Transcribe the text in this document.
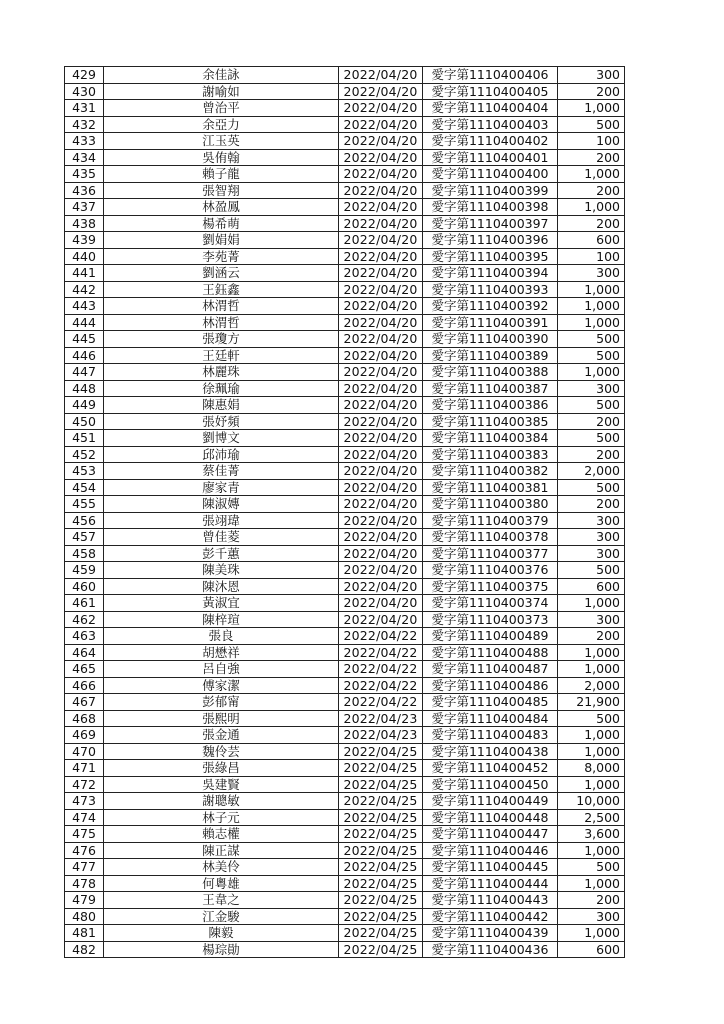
429	余佳詠	2022/04/20	愛字第1110400406	300
430	謝喻如	2022/04/20	愛字第1110400405	200
431	曾治平	2022/04/20	愛字第1110400404	1,000
432	余亞力	2022/04/20	愛字第1110400403	500
433	江玉英	2022/04/20	愛字第1110400402	100
434	吳侑翰	2022/04/20	愛字第1110400401	200
435	賴子龍	2022/04/20	愛字第1110400400	1,000
436	張智翔	2022/04/20	愛字第1110400399	200
437	林盈鳳	2022/04/20	愛字第1110400398	1,000
438	楊希萌	2022/04/20	愛字第1110400397	200
439	劉娟娟	2022/04/20	愛字第1110400396	600
440	李苑菁	2022/04/20	愛字第1110400395	100
441	劉涵云	2022/04/20	愛字第1110400394	300
442	王鈺鑫	2022/04/20	愛字第1110400393	1,000
443	林渭哲	2022/04/20	愛字第1110400392	1,000
444	林渭哲	2022/04/20	愛字第1110400391	1,000
445	張瓊方	2022/04/20	愛字第1110400390	500
446	王廷軒	2022/04/20	愛字第1110400389	500
447	林麗珠	2022/04/20	愛字第1110400388	1,000
448	徐珮瑜	2022/04/20	愛字第1110400387	300
449	陳惠娟	2022/04/20	愛字第1110400386	500
450	張妤頻	2022/04/20	愛字第1110400385	200
451	劉博文	2022/04/20	愛字第1110400384	500
452	邱沛瑜	2022/04/20	愛字第1110400383	200
453	蔡佳菁	2022/04/20	愛字第1110400382	2,000
454	廖家青	2022/04/20	愛字第1110400381	500
455	陳淑嫥	2022/04/20	愛字第1110400380	200
456	張翊瑋	2022/04/20	愛字第1110400379	300
457	曾佳菱	2022/04/20	愛字第1110400378	300
458	彭千蕙	2022/04/20	愛字第1110400377	300
459	陳美珠	2022/04/20	愛字第1110400376	500
460	陳沐恩	2022/04/20	愛字第1110400375	600
461	黃淑宜	2022/04/20	愛字第1110400374	1,000
462	陳梓瑄	2022/04/20	愛字第1110400373	300
463	張良	2022/04/22	愛字第1110400489	200
464	胡懋祥	2022/04/22	愛字第1110400488	1,000
465	呂自強	2022/04/22	愛字第1110400487	1,000
466	傅家潔	2022/04/22	愛字第1110400486	2,000
467	彭郁甯	2022/04/22	愛字第1110400485	21,900
468	張熙明	2022/04/23	愛字第1110400484	500
469	張金通	2022/04/23	愛字第1110400483	1,000
470	魏伶芸	2022/04/25	愛字第1110400438	1,000
471	張綠昌	2022/04/25	愛字第1110400452	8,000
472	吳建賢	2022/04/25	愛字第1110400450	1,000
473	謝聰敏	2022/04/25	愛字第1110400449	10,000
474	林子元	2022/04/25	愛字第1110400448	2,500
475	賴志權	2022/04/25	愛字第1110400447	3,600
476	陳正謀	2022/04/25	愛字第1110400446	1,000
477	林美伶	2022/04/25	愛字第1110400445	500
478	何粵雄	2022/04/25	愛字第1110400444	1,000
479	王韋之	2022/04/25	愛字第1110400443	200
480	江金駿	2022/04/25	愛字第1110400442	300
481	陳毅	2022/04/25	愛字第1110400439	1,000
482	楊琮勛	2022/04/25	愛字第1110400436	600
